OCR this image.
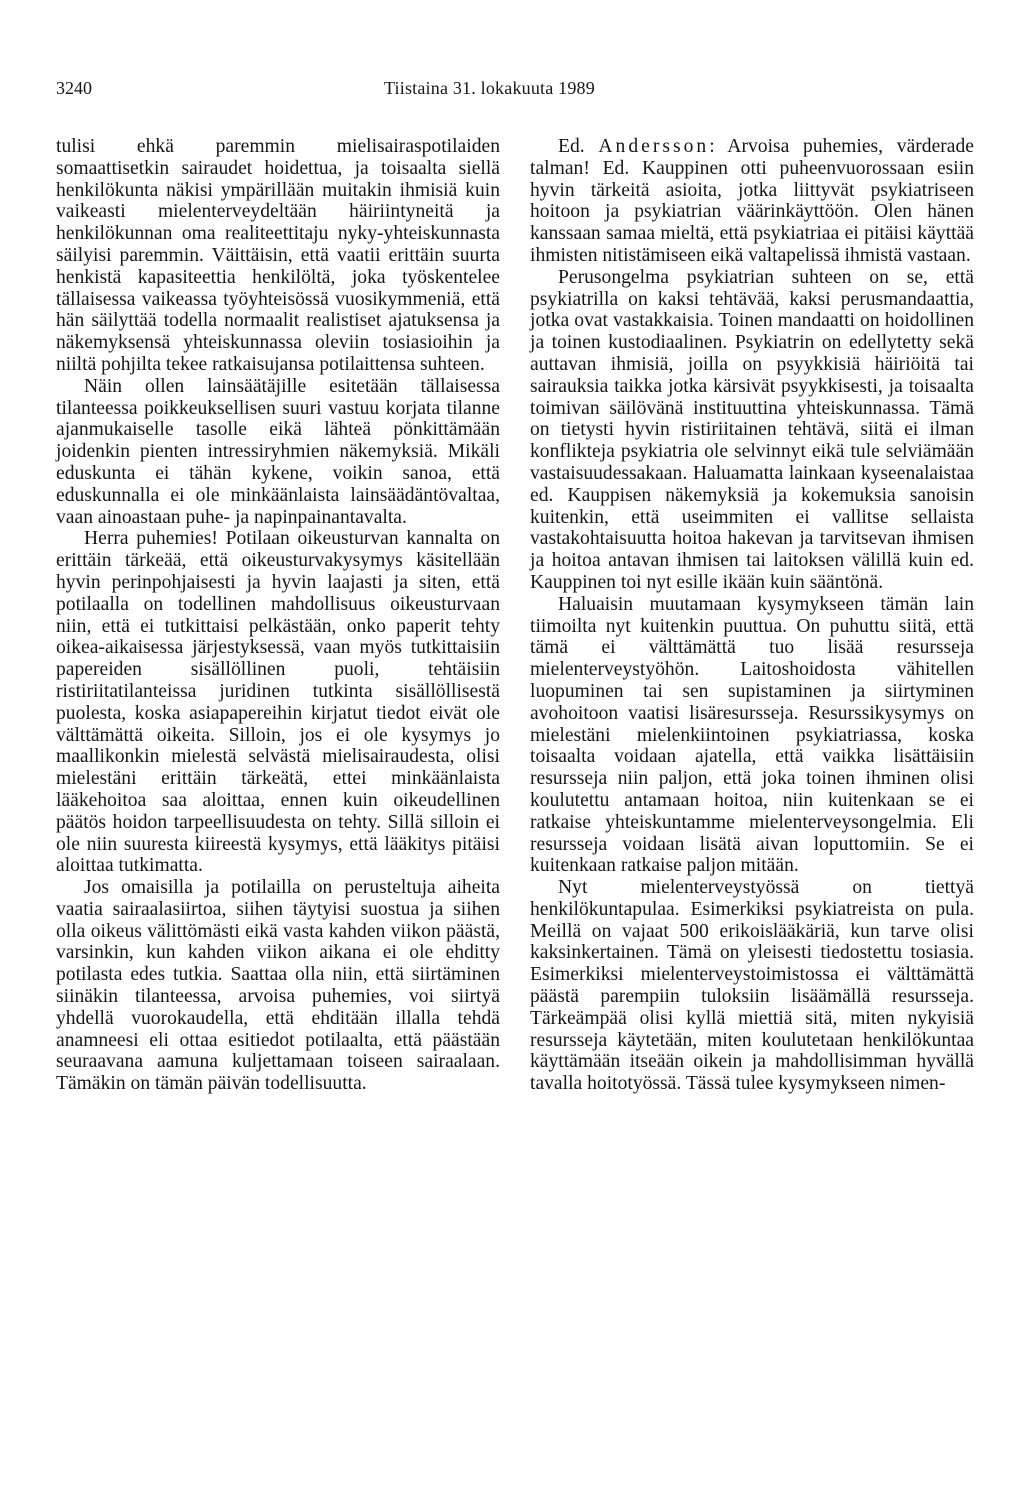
3240	Tiistaina 31. lokakuuta 1989

tulisi ehkä paremmin mielisairaspotilaiden somaattisetkin sairaudet hoidettua, ja toisaalta siellä henkilökunta näkisi ympärillään muitakin ihmisiä kuin vaikeasti mielenterveydeltään häiriintyneitä ja henkilökunnan oma realiteettitaju nyky-yhteiskunnasta säilyisi paremmin. Väittäisin, että vaatii erittäin suurta henkistä kapasiteettia henkilöltä, joka työskentelee tällaisessa vaikeassa työyhteisössä vuosikymmeniä, että hän säilyttää todella normaalit realistiset ajatuksensa ja näkemyksensä yhteiskunnassa oleviin tosiasioihin ja niiltä pohjilta tekee ratkaisujansa potilaittensa suhteen.

Näin ollen lainsäätäjille esitetään tällaisessa tilanteessa poikkeuksellisen suuri vastuu korjata tilanne ajanmukaiselle tasolle eikä lähteä pönkittämään joidenkin pienten intressiryhmien näkemyksiä. Mikäli eduskunta ei tähän kykene, voikin sanoa, että eduskunnalla ei ole minkäänlaista lainsäädäntövaltaa, vaan ainoastaan puhe- ja napinpainantavalta.

Herra puhemies! Potilaan oikeusturvan kannalta on erittäin tärkeää, että oikeusturvakysymys käsitellään hyvin perinpohjaisesti ja hyvin laajasti ja siten, että potilaalla on todellinen mahdollisuus oikeusturvaan niin, että ei tutkittaisi pelkästään, onko paperit tehty oikea-aikaisessa järjestyksessä, vaan myös tutkittaisiin papereiden sisällöllinen puoli, tehtäisiin ristiriitatilanteissa juridinen tutkinta sisällöllisestä puolesta, koska asiapapereihin kirjatut tiedot eivät ole välttämättä oikeita. Silloin, jos ei ole kysymys jo maallikonkin mielestä selvästä mielisairaudesta, olisi mielestäni erittäin tärkeätä, ettei minkäänlaista lääkehoitoa saa aloittaa, ennen kuin oikeudellinen päätös hoidon tarpeellisuudesta on tehty. Sillä silloin ei ole niin suuresta kiireestä kysymys, että lääkitys pitäisi aloittaa tutkimatta.

Jos omaisilla ja potilailla on perusteltuja aiheita vaatia sairaalasiirtoa, siihen täytyisi suostua ja siihen olla oikeus välittömästi eikä vasta kahden viikon päästä, varsinkin, kun kahden viikon aikana ei ole ehditty potilasta edes tutkia. Saattaa olla niin, että siirtäminen siinäkin tilanteessa, arvoisa puhemies, voi siirtyä yhdellä vuorokaudella, että ehditään illalla tehdä anamneesi eli ottaa esitiedot potilaalta, että päästään seuraavana aamuna kuljettamaan toiseen sairaalaan. Tämäkin on tämän päivän todellisuutta.

Ed. Andersson: Arvoisa puhemies, värderade talman! Ed. Kauppinen otti puheenvuorossaan esiin hyvin tärkeitä asioita, jotka liittyvät psykiatriseen hoitoon ja psykiatrian väärinkäyttöön. Olen hänen kanssaan samaa mieltä, että psykiatriaa ei pitäisi käyttää ihmisten nitistämiseen eikä valtapelissä ihmistä vastaan.

Perusongelma psykiatrian suhteen on se, että psykiatrilla on kaksi tehtävää, kaksi perusmandaattia, jotka ovat vastakkaisia. Toinen mandaatti on hoidollinen ja toinen kustodiaalinen. Psykiatrin on edellytetty sekä auttavan ihmisiä, joilla on psyykkisiä häiriöitä tai sairauksia taikka jotka kärsivät psyykkisesti, ja toisaalta toimivan säilövänä instituuttina yhteiskunnassa. Tämä on tietysti hyvin ristiriitainen tehtävä, siitä ei ilman konflikteja psykiatria ole selvinnyt eikä tule selviämään vastaisuudessakaan. Haluamatta lainkaan kyseenalaistaa ed. Kauppisen näkemyksiä ja kokemuksia sanoisin kuitenkin, että useimmiten ei vallitse sellaista vastakohtaisuutta hoitoa hakevan ja tarvitsevan ihmisen ja hoitoa antavan ihmisen tai laitoksen välillä kuin ed. Kauppinen toi nyt esille ikään kuin sääntönä.

Haluaisin muutamaan kysymykseen tämän lain tiimoilta nyt kuitenkin puuttua. On puhuttu siitä, että tämä ei välttämättä tuo lisää resursseja mielenterveystyöhön. Laitoshoidosta vähitellen luopuminen tai sen supistaminen ja siirtyminen avohoitoon vaatisi lisäresursseja. Resurssikysymys on mielestäni mielenkiintoinen psykiatriassa, koska toisaalta voidaan ajatella, että vaikka lisättäisiin resursseja niin paljon, että joka toinen ihminen olisi koulutettu antamaan hoitoa, niin kuitenkaan se ei ratkaise yhteiskuntamme mielenterveysongelmia. Eli resursseja voidaan lisätä aivan loputtomiin. Se ei kuitenkaan ratkaise paljon mitään.

Nyt mielenterveystyössä on tiettyä henkilökuntapulaa. Esimerkiksi psykiatreista on pula. Meillä on vajaat 500 erikoislääkäriä, kun tarve olisi kaksinkertainen. Tämä on yleisesti tiedostettu tosiasia. Esimerkiksi mielenterveystoimistossa ei välttämättä päästä parempiin tuloksiin lisäämällä resursseja. Tärkeämpää olisi kyllä miettiä sitä, miten nykyisiä resursseja käytetään, miten koulutetaan henkilökuntaa käyttämään itseään oikein ja mahdollisimman hyvällä tavalla hoitotyössä. Tässä tulee kysymykseen nimen-
